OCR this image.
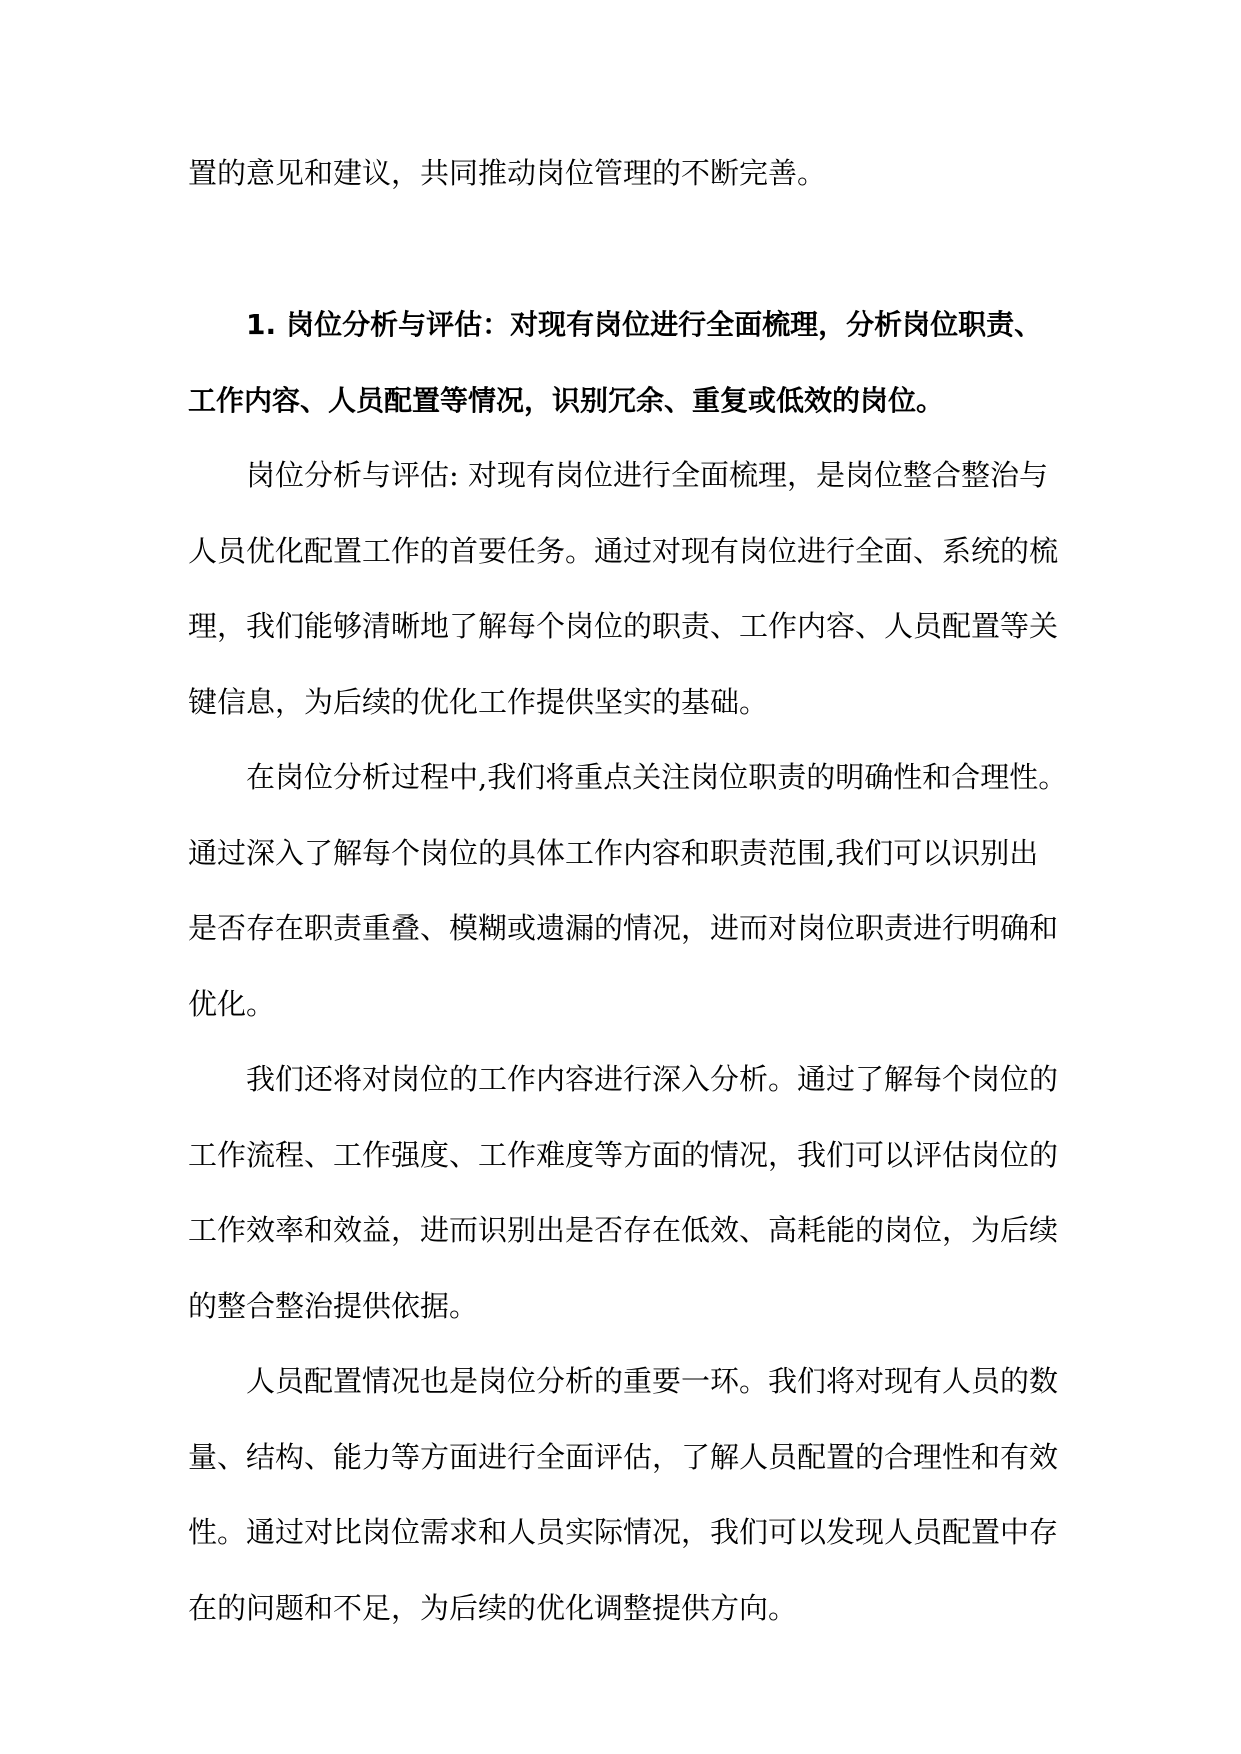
置的意见和建议，共同推动岗位管理的不断完善。
1. 岗位分析与评估：对现有岗位进行全面梳理，分析岗位职责、
工作内容、人员配置等情况，识别冗余、重复或低效的岗位。
岗位分析与评估: 对现有岗位进行全面梳理，是岗位整合整治与
人员优化配置工作的首要任务。通过对现有岗位进行全面、系统的梳
理，我们能够清晰地了解每个岗位的职责、工作内容、人员配置等关
键信息，为后续的优化工作提供坚实的基础。
在岗位分析过程中,我们将重点关注岗位职责的明确性和合理性。
通过深入了解每个岗位的具体工作内容和职责范围,我们可以识别出
是否存在职责重叠、模糊或遗漏的情况，进而对岗位职责进行明确和
优化。
我们还将对岗位的工作内容进行深入分析。通过了解每个岗位的
工作流程、工作强度、工作难度等方面的情况，我们可以评估岗位的
工作效率和效益，进而识别出是否存在低效、高耗能的岗位，为后续
的整合整治提供依据。
人员配置情况也是岗位分析的重要一环。我们将对现有人员的数
量、结构、能力等方面进行全面评估，了解人员配置的合理性和有效
性。通过对比岗位需求和人员实际情况，我们可以发现人员配置中存
在的问题和不足，为后续的优化调整提供方向。
